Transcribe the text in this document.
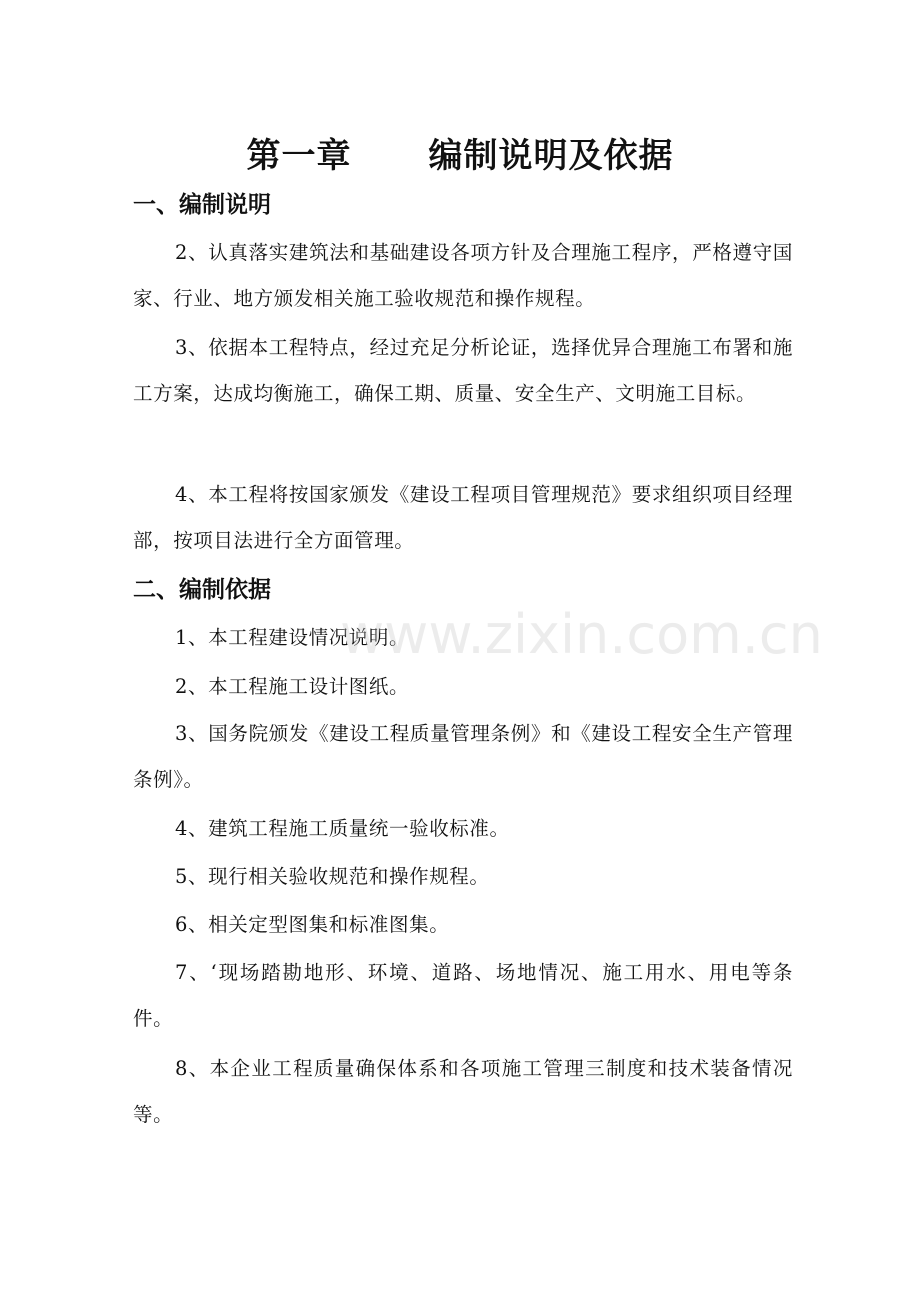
第一章      编制说明及依据
一、编制说明

2、认真落实建筑法和基础建设各项方针及合理施工程序，严格遵守国家、行业、地方颁发相关施工验收规范和操作规程。

3、依据本工程特点，经过充足分析论证，选择优异合理施工布署和施工方案，达成均衡施工，确保工期、质量、安全生产、文明施工目标。

4、本工程将按国家颁发《建设工程项目管理规范》要求组织项目经理部，按项目法进行全方面管理。

二、编制依据

1、本工程建设情况说明。

2、本工程施工设计图纸。

3、国务院颁发《建设工程质量管理条例》和《建设工程安全生产管理条例》。

4、建筑工程施工质量统一验收标准。

5、现行相关验收规范和操作规程。

6、相关定型图集和标准图集。

7、‘现场踏勘地形、环境、道路、场地情况、施工用水、用电等条件。

8、本企业工程质量确保体系和各项施工管理三制度和技术装备情况等。

www.zixin.com.cn
